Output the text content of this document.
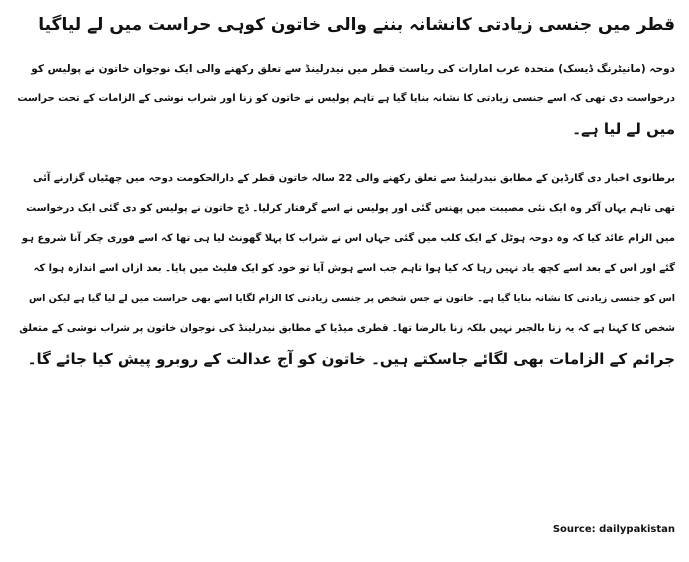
قطر میں جنسی زیادتی کانشانہ بننے والی خاتون کوہی حراست میں لے لیاگیا
دوحہ (مانیٹرنگ ڈیسک) متحدہ عرب امارات کی ریاست قطر میں نیدرلینڈ سے تعلق رکھنے والی ایک نوجوان خاتون نے پولیس کو
درخواست دی تھی کہ اسے جنسی زیادتی کا نشانہ بنایا گیا ہے تاہم پولیس نے خاتون کو زنا اور شراب نوشی کے الزامات کے تحت حراست
میں لے لیا ہے۔
برطانوی اخبار دی گارڈین کے مطابق نیدرلینڈ سے تعلق رکھنے والی 22 سالہ خاتون قطر کے دارالحکومت دوحہ میں چھٹیاں گزارنے آئی
تھی تاہم یہاں آکر وہ ایک نئی مصیبت میں پھنس گئی اور پولیس نے اسے گرفتار کرلیا۔ ڈچ خاتون نے پولیس کو دی گئی ایک درخواست
میں الزام عائد کیا کہ وہ دوحہ ہوٹل کے ایک کلب میں گئی جہاں اس نے شراب کا پہلا گھونٹ لیا ہی تھا کہ اسے فوری چکر آنا شروع ہو
گئے اور اس کے بعد اسے کچھ یاد نہیں رہا کہ کیا ہوا تاہم جب اسے ہوش آیا تو خود کو ایک فلیٹ میں پایا۔ بعد ازاں اسے اندازہ ہوا کہ
اس کو جنسی زیادتی کا نشانہ بنایا گیا ہے۔ خاتون نے جس شخص پر جنسی زیادتی کا الزام لگایا اسے بھی حراست میں لے لیا گیا ہے لیکن اس
شخص کا کہنا ہے کہ یہ زنا بالجبر نہیں بلکہ زنا بالرضا تھا۔ قطری میڈیا کے مطابق نیدرلینڈ کی نوجوان خاتون پر شراب نوشی کے متعلق
جرائم کے الزامات بھی لگائے جاسکتے ہیں۔ خاتون کو آج عدالت کے روبرو پیش کیا جائے گا۔
Source: dailypakistan
